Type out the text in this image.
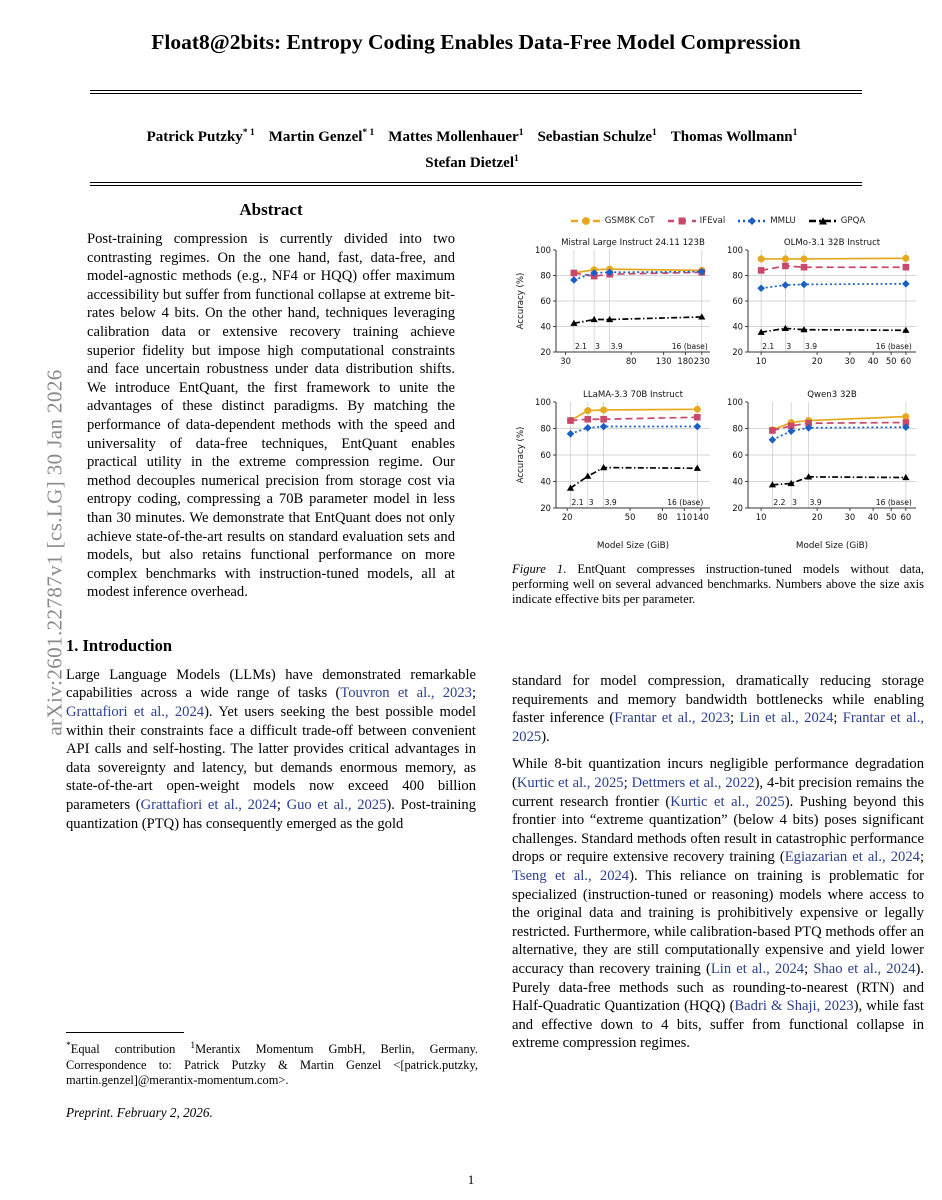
arXiv:2601.22787v1 [cs.LG] 30 Jan 2026
Float8@2bits: Entropy Coding Enables Data-Free Model Compression
Patrick Putzky$^{* 1}$ Martin Genzel$^{* 1}$ Mattes Mollenhauer$^1$ Sebastian Schulze$^1$ Thomas Wollmann$^1$
Stefan Dietzel$^1$
Abstract
Post-training compression is currently divided into two contrasting regimes. On the one hand, fast, data-free, and model-agnostic methods (e.g., NF4 or HQQ) offer maximum accessibility but suffer from functional collapse at extreme bit-rates below 4 bits. On the other hand, techniques leveraging calibration data or extensive recovery training achieve superior fidelity but impose high computational constraints and face uncertain robustness under data distribution shifts. We introduce EntQuant, the first framework to unite the advantages of these distinct paradigms. By matching the performance of data-dependent methods with the speed and universality of data-free techniques, EntQuant enables practical utility in the extreme compression regime. Our method decouples numerical precision from storage cost via entropy coding, compressing a 70B parameter model in less than 30 minutes. We demonstrate that EntQuant does not only achieve state-of-the-art results on standard evaluation sets and models, but also retains functional performance on more complex benchmarks with instruction-tuned models, all at modest inference overhead.
1. Introduction

Large Language Models (LLMs) have demonstrated remarkable capabilities across a wide range of tasks (Touvron et al., 2023; Grattafiori et al., 2024). Yet users seeking the best possible model within their constraints face a difficult trade-off between convenient API calls and self-hosting. The latter provides critical advantages in data sovereignty and latency, but demands enormous memory, as state-of-the-art open-weight models now exceed 400 billion parameters (Grattafiori et al., 2024; Guo et al., 2025). Post-training quantization (PTQ) has consequently emerged as the gold

*Equal contribution $^1$Merantix Momentum GmbH, Berlin, Germany. Correspondence to: Patrick Putzky & Martin Genzel <[patrick.putzky, martin.genzel]@merantix-momentum.com>.
Preprint. February 2, 2026.
GSM8K CoT	IFEval	MMLU	GPQA
Mistral Large Instruct 24.11 123B
20
40
60
80
100
30	80 130 180 230
2.1 3 3.9	16 (base)
Accuracy (%)
OLMo-3.1 32B Instruct
20
40
60
80
100
10	20	30 40 50 60
2.1 3 3.9	16 (base)
LLaMA-3.3 70B Instruct
20
40
60
80
100
20	50	80 110 140
2.1 3 3.9	16 (base)
Accuracy (%)
Model Size (GiB)
Qwen3 32B
20
40
60
80
100
10	20	30 40 50 60
2.2 3 3.9	16 (base)
Model Size (GiB)
Figure 1. EntQuant compresses instruction-tuned models without data, performing well on several advanced benchmarks. Numbers above the size axis indicate effective bits per parameter.

standard for model compression, dramatically reducing storage requirements and memory bandwidth bottlenecks while enabling faster inference (Frantar et al., 2023; Lin et al., 2024; Frantar et al., 2025).

While 8-bit quantization incurs negligible performance degradation (Kurtic et al., 2025; Dettmers et al., 2022), 4-bit precision remains the current research frontier (Kurtic et al., 2025). Pushing beyond this frontier into “extreme quantization” (below 4 bits) poses significant challenges. Standard methods often result in catastrophic performance drops or require extensive recovery training (Egiazarian et al., 2024; Tseng et al., 2024). This reliance on training is problematic for specialized (instruction-tuned or reasoning) models where access to the original data and training is prohibitively expensive or legally restricted. Furthermore, while calibration-based PTQ methods offer an alternative, they are still computationally expensive and yield lower accuracy than recovery training (Lin et al., 2024; Shao et al., 2024). Purely data-free methods such as rounding-to-nearest (RTN) and Half-Quadratic Quantization (HQQ) (Badri & Shaji, 2023), while fast and effective down to 4 bits, suffer from functional collapse in extreme compression regimes.

1
